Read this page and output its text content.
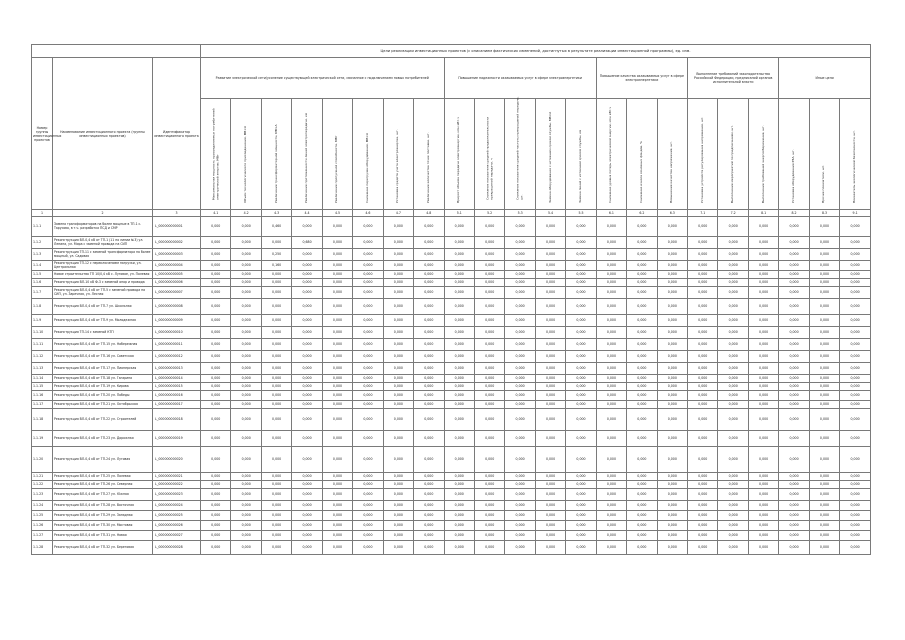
			Цели реализации инвестиционных проектов (с описанием фактических изменений, достигнутых в результате реализации инвестиционной программы), ед. изм.																					
Номер группы инвестиционных проектов	Наименование инвестиционного проекта (группы инвестиционных проектов)	Идентификатор инвестиционного проекта	Развитие электрической сети/усиление существующей электрической сети, связанное с подключением новых потребителей								Повышение надежности оказываемых услуг в сфере электроэнергетики					Повышение качества оказываемых услуг в сфере электроэнергетики			Выполнение требований законодательства Российской Федерации, предписаний органов исполнительной власти			Иные цели		

			Максимальная мощность присоединяемых потребителей электрической энергии, МВт	Объем технологического присоединения, МВ×А	Увеличение трансформаторной мощности, МВ×А	Увеличение протяженности линий электропередачи, км	Увеличение пропускной способности, МВт	Снижение перегрузки оборудования, МВ×А	Установка средств учета электроэнергии, шт.	Увеличение количества точек поставки, шт.	Прирост объема передачи электроэнергии, млн кВт·ч	Снижение показателя средней продолжительности прекращений передачи, ч	Снижение показателя средней частоты прекращений передачи, шт.	Замена оборудования с истекшим сроком службы, МВ×А	Замена линий с истекшим сроком службы, км	Снижение уровня потерь электрической энергии, млн кВт·ч	Снижение износа основных фондов, %	Повышение качества напряжения, шт.	Установка устройств регулирования напряжения, шт.	Выполнение мероприятий по предписаниям, шт.	Выполнение требований энергосбережения, шт.	Установка оборудования РЗА, шт.	Прочие показатели, шт.	Показатель экологической безопасности, шт.

1	2	3	4.1	4.2	4.3	4.4	4.5	4.6	4.7	4.8	5.1	5.2	5.3	5.4	5.5	6.1	6.2	6.3	7.1	7.2	8.1	8.2	8.3	9.1
1.1.1	Замена трансформаторов на более мощные в ТП-1 с. Тарусово, в т.ч. разработка ПСД и СМР	L_000000000001	0,000	0,000	0,460	0,000	0,000	0,000	0,000	0,000	0,000	0,000	0,000	0,000	0,000	0,000	0,000	0,000	0,000	0,000	0,000	0,000	0,000	0,000
1.1.2	Реконструкция ВЛ-0,4 кВ от ТП-1 (11 по линии №3) ул. Ленина, ул. Мира с заменой провода на СИП	L_000000000002	0,000	0,000	0,000	0,680	0,000	0,000	0,000	0,000	0,000	0,000	0,000	0,000	0,000	0,000	0,000	0,000	0,000	0,000	0,000	0,000	0,000	0,000
1.1.3	Реконструкция ТП-11 с заменой трансформатора на более мощный, ул. Садовая	L_000000000003	0,000	0,000	0,250	0,000	0,000	0,000	0,000	0,000	0,000	0,000	0,000	0,000	0,000	0,000	0,000	0,000	0,000	0,000	0,000	0,000	0,000	0,000
1.1.4	Реконструкция ТП-12 с переключением нагрузки, ул. Центральная	L_000000000004	0,000	0,000	0,160	0,000	0,000	0,000	0,000	0,000	0,000	0,000	0,000	0,000	0,000	0,000	0,000	0,000	0,000	0,000	0,000	0,000	0,000	0,000
1.1.5	Новое строительство ТП 10/0,4 кВ с. Луговое, ул. Полевая	L_000000000005	0,000	0,000	0,000	0,000	0,000	0,000	0,000	0,000	0,000	0,000	0,000	0,000	0,000	0,000	0,000	0,000	0,000	0,000	0,000	0,000	0,000	0,000
1.1.6	Реконструкция ВЛ-10 кВ Ф-3 с заменой опор и провода	L_000000000006	0,000	0,000	0,000	0,000	0,000	0,000	0,000	0,000	0,000	0,000	0,000	0,000	0,000	0,000	0,000	0,000	0,000	0,000	0,000	0,000	0,000	0,000
1.1.7	Реконструкция ВЛ-0,4 кВ от ТП-5 с заменой провода на СИП, ул. Заречная, ул. Лесная	L_000000000007	0,000	0,000	0,000	0,000	0,000	0,000	0,000	0,000	0,000	0,000	0,000	0,000	0,000	0,000	0,000	0,000	0,000	0,000	0,000	0,000	0,000	0,000
1.1.8	Реконструкция ВЛ-0,4 кВ от ТП-7 ул. Школьная	L_000000000008	0,000	0,000	0,000	0,000	0,000	0,000	0,000	0,000	0,000	0,000	0,000	0,000	0,000	0,000	0,000	0,000	0,000	0,000	0,000	0,000	0,000	0,000
1.1.9	Реконструкция ВЛ-0,4 кВ от ТП-9 ул. Молодежная	L_000000000009	0,000	0,000	0,000	0,000	0,000	0,000	0,000	0,000	0,000	0,000	0,000	0,000	0,000	0,000	0,000	0,000	0,000	0,000	0,000	0,000	0,000	0,000
1.1.10	Реконструкция ТП-14 с заменой КТП	L_000000000010	0,000	0,000	0,000	0,000	0,000	0,000	0,000	0,000	0,000	0,000	0,000	0,000	0,000	0,000	0,000	0,000	0,000	0,000	0,000	0,000	0,000	0,000
1.1.11	Реконструкция ВЛ-0,4 кВ от ТП-15 ул. Набережная	L_000000000011	0,000	0,000	0,000	0,000	0,000	0,000	0,000	0,000	0,000	0,000	0,000	0,000	0,000	0,000	0,000	0,000	0,000	0,000	0,000	0,000	0,000	0,000
1.1.12	Реконструкция ВЛ-0,4 кВ от ТП-16 ул. Советская	L_000000000012	0,000	0,000	0,000	0,000	0,000	0,000	0,000	0,000	0,000	0,000	0,000	0,000	0,000	0,000	0,000	0,000	0,000	0,000	0,000	0,000	0,000	0,000
1.1.13	Реконструкция ВЛ-0,4 кВ от ТП-17 ул. Пионерская	L_000000000013	0,000	0,000	0,000	0,000	0,000	0,000	0,000	0,000	0,000	0,000	0,000	0,000	0,000	0,000	0,000	0,000	0,000	0,000	0,000	0,000	0,000	0,000
1.1.14	Реконструкция ВЛ-0,4 кВ от ТП-18 ул. Гагарина	L_000000000014	0,000	0,000	0,000	0,000	0,000	0,000	0,000	0,000	0,000	0,000	0,000	0,000	0,000	0,000	0,000	0,000	0,000	0,000	0,000	0,000	0,000	0,000
1.1.15	Реконструкция ВЛ-0,4 кВ от ТП-19 ул. Кирова	L_000000000015	0,000	0,000	0,000	0,000	0,000	0,000	0,000	0,000	0,000	0,000	0,000	0,000	0,000	0,000	0,000	0,000	0,000	0,000	0,000	0,000	0,000	0,000
1.1.16	Реконструкция ВЛ-0,4 кВ от ТП-20 ул. Победы	L_000000000016	0,000	0,000	0,000	0,000	0,000	0,000	0,000	0,000	0,000	0,000	0,000	0,000	0,000	0,000	0,000	0,000	0,000	0,000	0,000	0,000	0,000	0,000
1.1.17	Реконструкция ВЛ-0,4 кВ от ТП-21 ул. Октябрьская	L_000000000017	0,000	0,000	0,000	0,000	0,000	0,000	0,000	0,000	0,000	0,000	0,000	0,000	0,000	0,000	0,000	0,000	0,000	0,000	0,000	0,000	0,000	0,000
1.1.18	Реконструкция ВЛ-0,4 кВ от ТП-22 ул. Строителей	L_000000000018	0,000	0,000	0,000	0,000	0,000	0,000	0,000	0,000	0,000	0,000	0,000	0,000	0,000	0,000	0,000	0,000	0,000	0,000	0,000	0,000	0,000	0,000
1.1.19	Реконструкция ВЛ-0,4 кВ от ТП-23 ул. Дорожная	L_000000000019	0,000	0,000	0,000	0,000	0,000	0,000	0,000	0,000	0,000	0,000	0,000	0,000	0,000	0,000	0,000	0,000	0,000	0,000	0,000	0,000	0,000	0,000
1.1.20	Реконструкция ВЛ-0,4 кВ от ТП-24 ул. Луговая	L_000000000020	0,000	0,000	0,000	0,000	0,000	0,000	0,000	0,000	0,000	0,000	0,000	0,000	0,000	0,000	0,000	0,000	0,000	0,000	0,000	0,000	0,000	0,000
1.1.21	Реконструкция ВЛ-0,4 кВ от ТП-25 ул. Полевая	L_000000000021	0,000	0,000	0,000	0,000	0,000	0,000	0,000	0,000	0,000	0,000	0,000	0,000	0,000	0,000	0,000	0,000	0,000	0,000	0,000	0,000	0,000	0,000
1.1.22	Реконструкция ВЛ-0,4 кВ от ТП-26 ул. Северная	L_000000000022	0,000	0,000	0,000	0,000	0,000	0,000	0,000	0,000	0,000	0,000	0,000	0,000	0,000	0,000	0,000	0,000	0,000	0,000	0,000	0,000	0,000	0,000
1.1.23	Реконструкция ВЛ-0,4 кВ от ТП-27 ул. Южная	L_000000000023	0,000	0,000	0,000	0,000	0,000	0,000	0,000	0,000	0,000	0,000	0,000	0,000	0,000	0,000	0,000	0,000	0,000	0,000	0,000	0,000	0,000	0,000
1.1.24	Реконструкция ВЛ-0,4 кВ от ТП-28 ул. Восточная	L_000000000024	0,000	0,000	0,000	0,000	0,000	0,000	0,000	0,000	0,000	0,000	0,000	0,000	0,000	0,000	0,000	0,000	0,000	0,000	0,000	0,000	0,000	0,000
1.1.25	Реконструкция ВЛ-0,4 кВ от ТП-29 ул. Западная	L_000000000025	0,000	0,000	0,000	0,000	0,000	0,000	0,000	0,000	0,000	0,000	0,000	0,000	0,000	0,000	0,000	0,000	0,000	0,000	0,000	0,000	0,000	0,000
1.1.26	Реконструкция ВЛ-0,4 кВ от ТП-30 ул. Мостовая	L_000000000026	0,000	0,000	0,000	0,000	0,000	0,000	0,000	0,000	0,000	0,000	0,000	0,000	0,000	0,000	0,000	0,000	0,000	0,000	0,000	0,000	0,000	0,000
1.1.27	Реконструкция ВЛ-0,4 кВ от ТП-31 ул. Новая	L_000000000027	0,000	0,000	0,000	0,000	0,000	0,000	0,000	0,000	0,000	0,000	0,000	0,000	0,000	0,000	0,000	0,000	0,000	0,000	0,000	0,000	0,000	0,000
1.1.28	Реконструкция ВЛ-0,4 кВ от ТП-32 ул. Береговая	L_000000000028	0,000	0,000	0,000	0,000	0,000	0,000	0,000	0,000	0,000	0,000	0,000	0,000	0,000	0,000	0,000	0,000	0,000	0,000	0,000	0,000	0,000	0,000
